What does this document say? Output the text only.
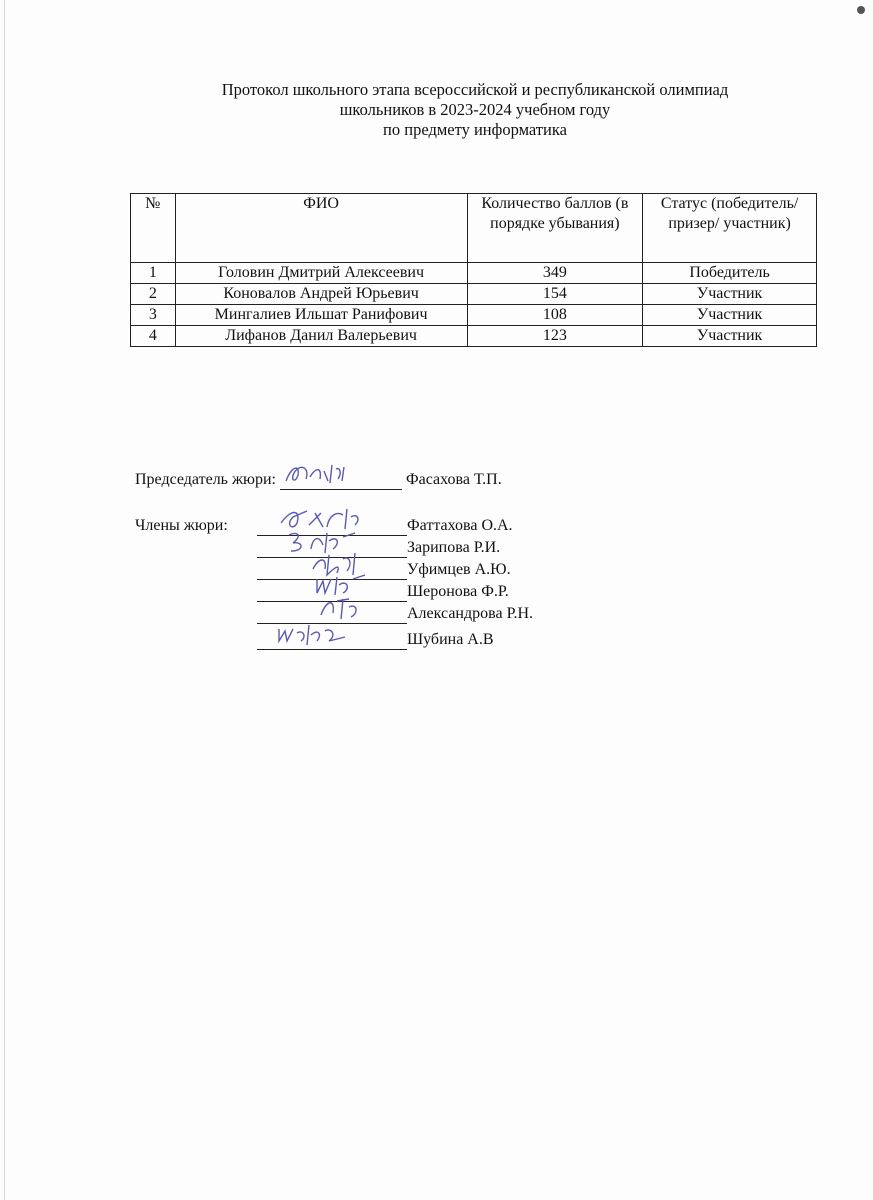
Протокол школьного этапа всероссийской и республиканской олимпиад
школьников в 2023-2024 учебном году
по предмету информатика
№	ФИО	Количество баллов (в порядке убывания)	Статус (победитель/ призер/ участник)
1	Головин Дмитрий Алексеевич	349	Победитель
2	Коновалов Андрей Юрьевич	154	Участник
3	Мингалиев Ильшат Ранифович	108	Участник
4	Лифанов Данил Валерьевич	123	Участник
Председатель жюри:	Фасахова Т.П.
Члены жюри:	Фаттахова О.А.
Зарипова Р.И.
Уфимцев А.Ю.
Шеронова Ф.Р.
Александрова Р.Н.
Шубина А.В
